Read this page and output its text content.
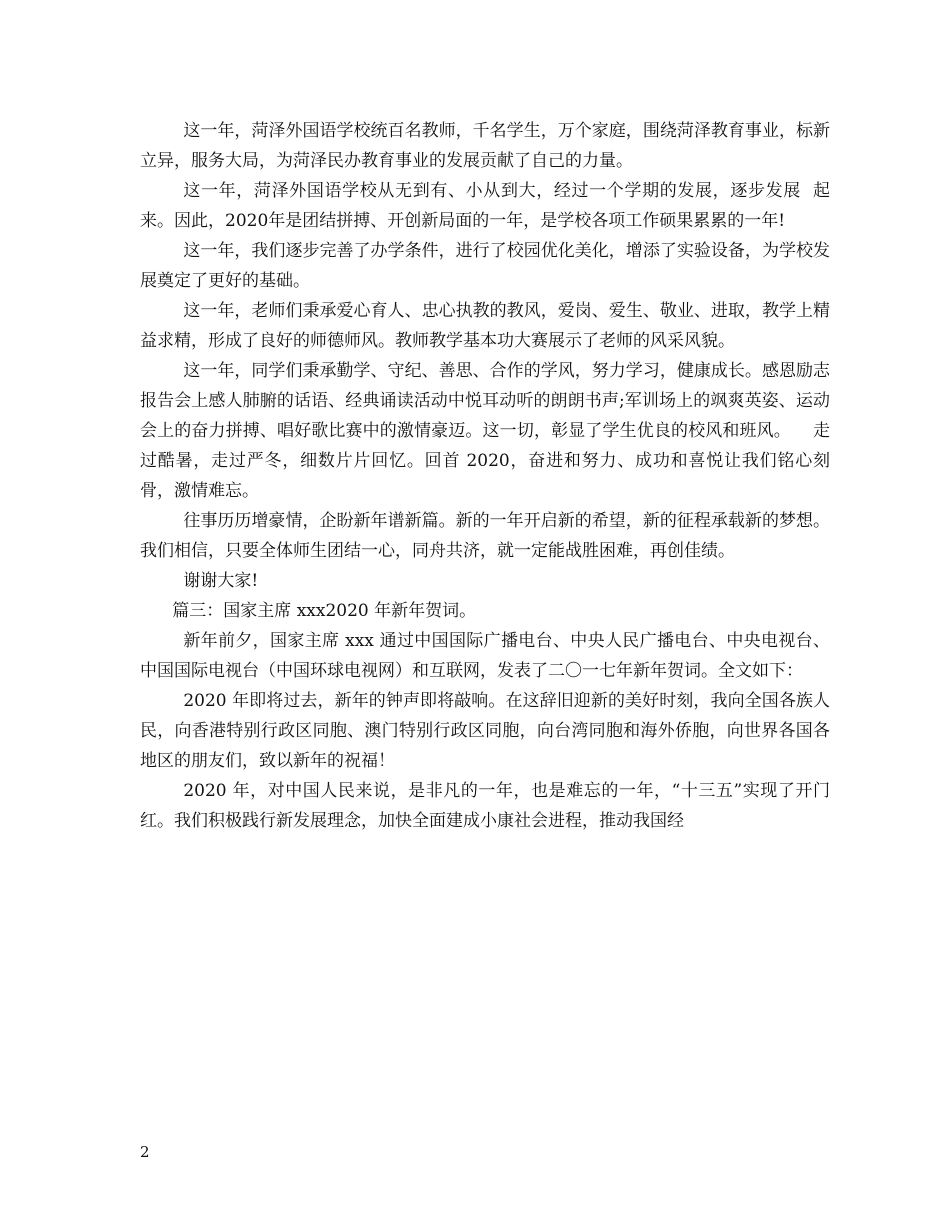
这一年，菏泽外国语学校统百名教师，千名学生，万个家庭，围绕菏泽教育事业，标新立异，服务大局，为菏泽民办教育事业的发展贡献了自己的力量。

这一年，菏泽外国语学校从无到有、小从到大，经过一个学期的发展，逐步发展  起来。因此，2020年是团结拼搏、开创新局面的一年，是学校各项工作硕果累累的一年!

这一年，我们逐步完善了办学条件，进行了校园优化美化，增添了实验设备，为学校发展奠定了更好的基础。

这一年，老师们秉承爱心育人、忠心执教的教风，爱岗、爱生、敬业、进取，教学上精益求精，形成了良好的师德师风。教师教学基本功大赛展示了老师的风采风貌。

这一年，同学们秉承勤学、守纪、善思、合作的学风，努力学习，健康成长。感恩励志报告会上感人肺腑的话语、经典诵读活动中悦耳动听的朗朗书声;军训场上的飒爽英姿、运动会上的奋力拼搏、唱好歌比赛中的激情豪迈。这一切，彰显了学生优良的校风和班风。    走过酷暑，走过严冬，细数片片回忆。回首 2020，奋进和努力、成功和喜悦让我们铭心刻骨，激情难忘。

往事历历增豪情，企盼新年谱新篇。新的一年开启新的希望，新的征程承载新的梦想。我们相信，只要全体师生团结一心，同舟共济，就一定能战胜困难，再创佳绩。

谢谢大家!

篇三：国家主席 xxx2020 年新年贺词。

新年前夕，国家主席 xxx 通过中国国际广播电台、中央人民广播电台、中央电视台、中国国际电视台（中国环球电视网）和互联网，发表了二〇一七年新年贺词。全文如下：

2020 年即将过去，新年的钟声即将敲响。在这辞旧迎新的美好时刻，我向全国各族人民，向香港特别行政区同胞、澳门特别行政区同胞，向台湾同胞和海外侨胞，向世界各国各地区的朋友们，致以新年的祝福！

2020 年，对中国人民来说，是非凡的一年，也是难忘的一年，“十三五”实现了开门红。我们积极践行新发展理念，加快全面建成小康社会进程，推动我国经

2
